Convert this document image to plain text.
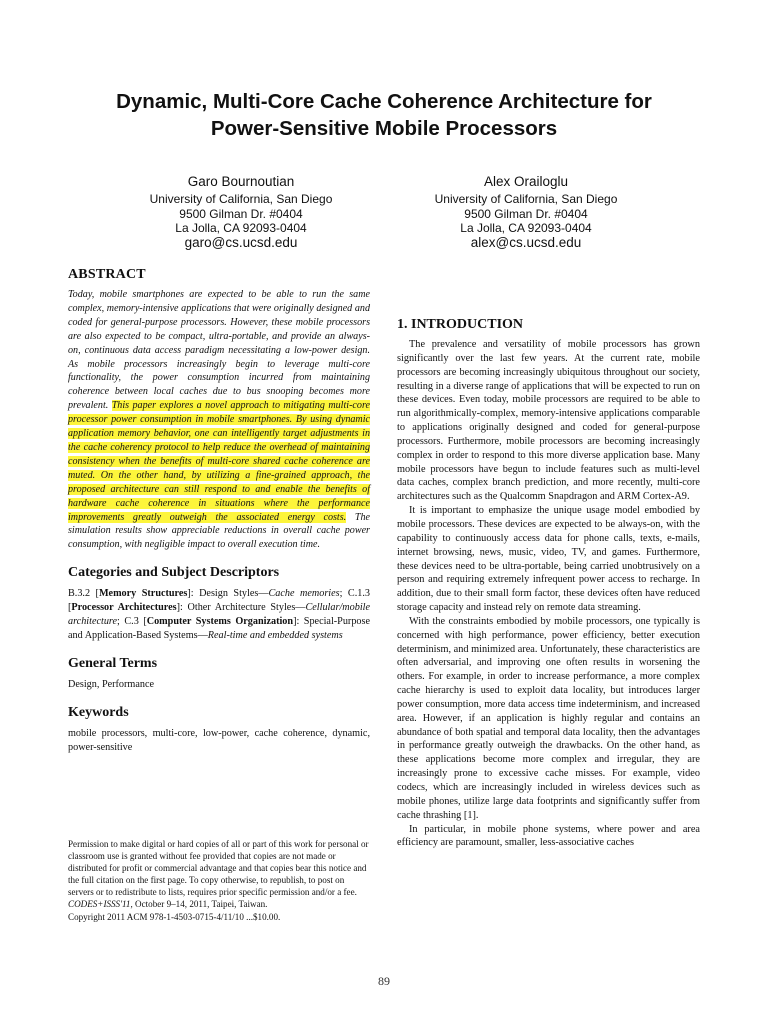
Dynamic, Multi-Core Cache Coherence Architecture for
Power-Sensitive Mobile Processors
Garo Bournoutian
University of California, San Diego
9500 Gilman Dr. #0404
La Jolla, CA 92093-0404
garo@cs.ucsd.edu
Alex Orailoglu
University of California, San Diego
9500 Gilman Dr. #0404
La Jolla, CA 92093-0404
alex@cs.ucsd.edu
ABSTRACT

Today, mobile smartphones are expected to be able to run the same complex, memory-intensive applications that were originally designed and coded for general-purpose processors. However, these mobile processors are also expected to be compact, ultra-portable, and provide an always-on, continuous data access paradigm necessitating a low-power design. As mobile processors increasingly begin to leverage multi-core functionality, the power consumption incurred from maintaining coherence between local caches due to bus snooping becomes more prevalent. This paper explores a novel approach to mitigating multi-core processor power consumption in mobile smartphones. By using dynamic application memory behavior, one can intelligently target adjustments in the cache coherency protocol to help reduce the overhead of maintaining consistency when the benefits of multi-core shared cache coherence are muted. On the other hand, by utilizing a fine-grained approach, the proposed architecture can still respond to and enable the benefits of hardware cache coherence in situations where the performance improvements greatly outweigh the associated energy costs. The simulation results show appreciable reductions in overall cache power consumption, with negligible impact to overall execution time.

Categories and Subject Descriptors

B.3.2 [Memory Structures]: Design Styles—Cache memories; C.1.3 [Processor Architectures]: Other Architecture Styles—Cellular/mobile architecture; C.3 [Computer Systems Organization]: Special-Purpose and Application-Based Systems—Real-time and embedded systems

General Terms

Design, Performance

Keywords

mobile processors, multi-core, low-power, cache coherence, dynamic, power-sensitive

Permission to make digital or hard copies of all or part of this work for personal or classroom use is granted without fee provided that copies are not made or distributed for profit or commercial advantage and that copies bear this notice and the full citation on the first page. To copy otherwise, to republish, to post on servers or to redistribute to lists, requires prior specific permission and/or a fee.
CODES+ISSS'11, October 9–14, 2011, Taipei, Taiwan.
Copyright 2011 ACM 978-1-4503-0715-4/11/10 ...$10.00.

1. INTRODUCTION

The prevalence and versatility of mobile processors has grown significantly over the last few years. At the current rate, mobile processors are becoming increasingly ubiquitous throughout our society, resulting in a diverse range of applications that will be expected to run on these devices. Even today, mobile processors are required to be able to run algorithmically-complex, memory-intensive applications comparable to applications originally designed and coded for general-purpose processors. Furthermore, mobile processors are becoming increasingly complex in order to respond to this more diverse application base. Many mobile processors have begun to include features such as multi-level data caches, complex branch prediction, and more recently, multi-core architectures such as the Qualcomm Snapdragon and ARM Cortex-A9.

It is important to emphasize the unique usage model embodied by mobile processors. These devices are expected to be always-on, with the capability to continuously access data for phone calls, texts, e-mails, internet browsing, news, music, video, TV, and games. Furthermore, these devices need to be ultra-portable, being carried unobtrusively on a person and requiring extremely infrequent power access to recharge. In addition, due to their small form factor, these devices often have reduced storage capacity and instead rely on remote data streaming.

With the constraints embodied by mobile processors, one typically is concerned with high performance, power efficiency, better execution determinism, and minimized area. Unfortunately, these characteristics are often adversarial, and improving one often results in worsening the others. For example, in order to increase performance, a more complex cache hierarchy is used to exploit data locality, but introduces larger power consumption, more data access time indeterminism, and increased area. However, if an application is highly regular and contains an abundance of both spatial and temporal data locality, then the advantages in performance greatly outweigh the drawbacks. On the other hand, as these applications become more complex and irregular, they are increasingly prone to excessive cache misses. For example, video codecs, which are increasingly included in wireless devices such as mobile phones, utilize large data footprints and significantly suffer from cache thrashing [1].

In particular, in mobile phone systems, where power and area efficiency are paramount, smaller, less-associative caches

89
